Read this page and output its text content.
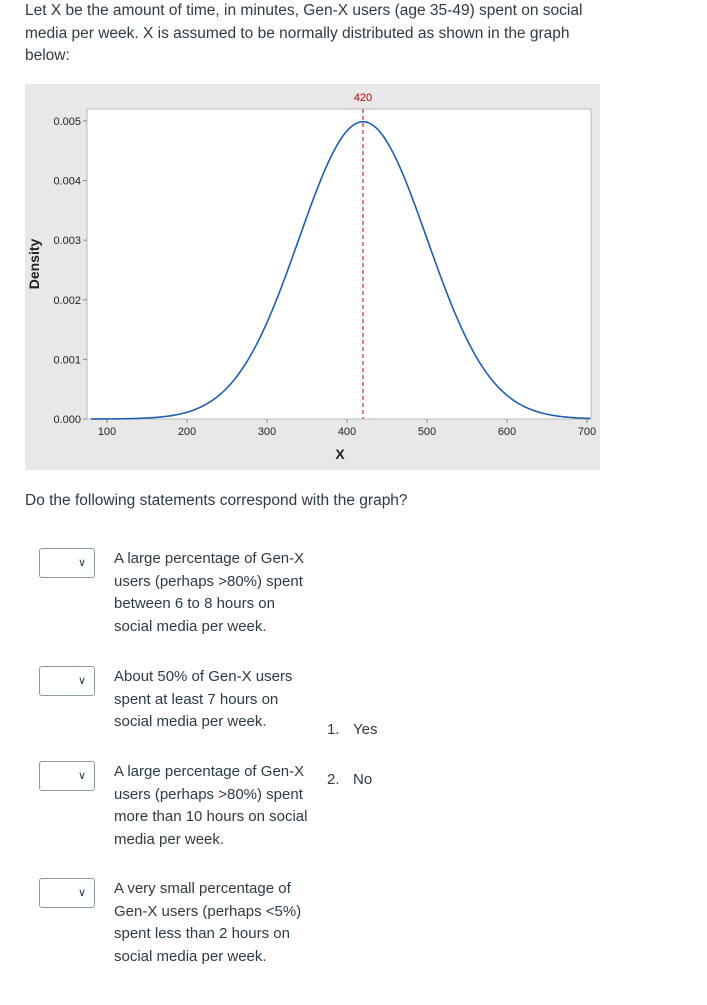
Let X be the amount of time, in minutes, Gen-X users (age 35-49) spent on social
media per week. X is assumed to be normally distributed as shown in the graph
below:
Density
X
0.000
0.001
0.002
0.003
0.004
0.005
100	200	300	400	500	600	700
420

Do the following statements correspond with the graph?

∨ A large percentage of Gen-X users (perhaps >80%) spent between 6 to 8 hours on social media per week.

∨ About 50% of Gen-X users spent at least 7 hours on social media per week.

∨ A large percentage of Gen-X users (perhaps >80%) spent more than 10 hours on social media per week.

∨ A very small percentage of Gen-X users (perhaps <5%) spent less than 2 hours on social media per week.

1. Yes
2. No
